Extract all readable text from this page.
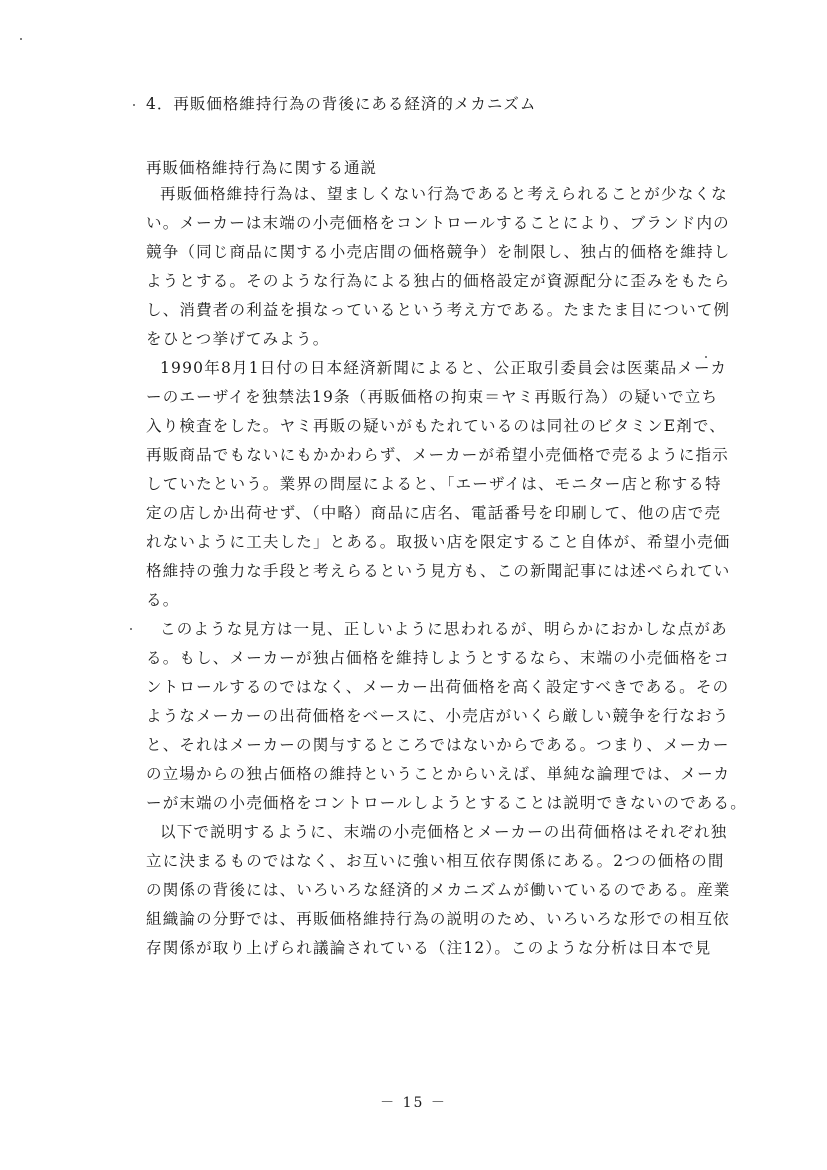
4．再販価格維持行為の背後にある経済的メカニズム
再販価格維持行為に関する通説
再販価格維持行為は、望ましくない行為であると考えられることが少なくな
い。メーカーは末端の小売価格をコントロールすることにより、ブランド内の
競争（同じ商品に関する小売店間の価格競争）を制限し、独占的価格を維持し
ようとする。そのような行為による独占的価格設定が資源配分に歪みをもたら
し、消費者の利益を損なっているという考え方である。たまたま目について例
をひとつ挙げてみよう。
1990年8月1日付の日本経済新聞によると、公正取引委員会は医薬品メーカ
ーのエーザイを独禁法19条（再販価格の拘束＝ヤミ再販行為）の疑いで立ち
入り検査をした。ヤミ再販の疑いがもたれているのは同社のビタミンE剤で、
再販商品でもないにもかかわらず、メーカーが希望小売価格で売るように指示
していたという。業界の問屋によると、「エーザイは、モニター店と称する特
定の店しか出荷せず、（中略）商品に店名、電話番号を印刷して、他の店で売
れないように工夫した」とある。取扱い店を限定すること自体が、希望小売価
格維持の強力な手段と考えらるという見方も、この新聞記事には述べられてい
る。
このような見方は一見、正しいように思われるが、明らかにおかしな点があ
る。もし、メーカーが独占価格を維持しようとするなら、末端の小売価格をコ
ントロールするのではなく、メーカー出荷価格を高く設定すべきである。その
ようなメーカーの出荷価格をベースに、小売店がいくら厳しい競争を行なおう
と、それはメーカーの関与するところではないからである。つまり、メーカー
の立場からの独占価格の維持ということからいえば、単純な論理では、メーカ
ーが末端の小売価格をコントロールしようとすることは説明できないのである。
以下で説明するように、末端の小売価格とメーカーの出荷価格はそれぞれ独
立に決まるものではなく、お互いに強い相互依存関係にある。2つの価格の間
の関係の背後には、いろいろな経済的メカニズムが働いているのである。産業
組織論の分野では、再販価格維持行為の説明のため、いろいろな形での相互依
存関係が取り上げられ議論されている（注12）。このような分析は日本で見
－ 15 －
